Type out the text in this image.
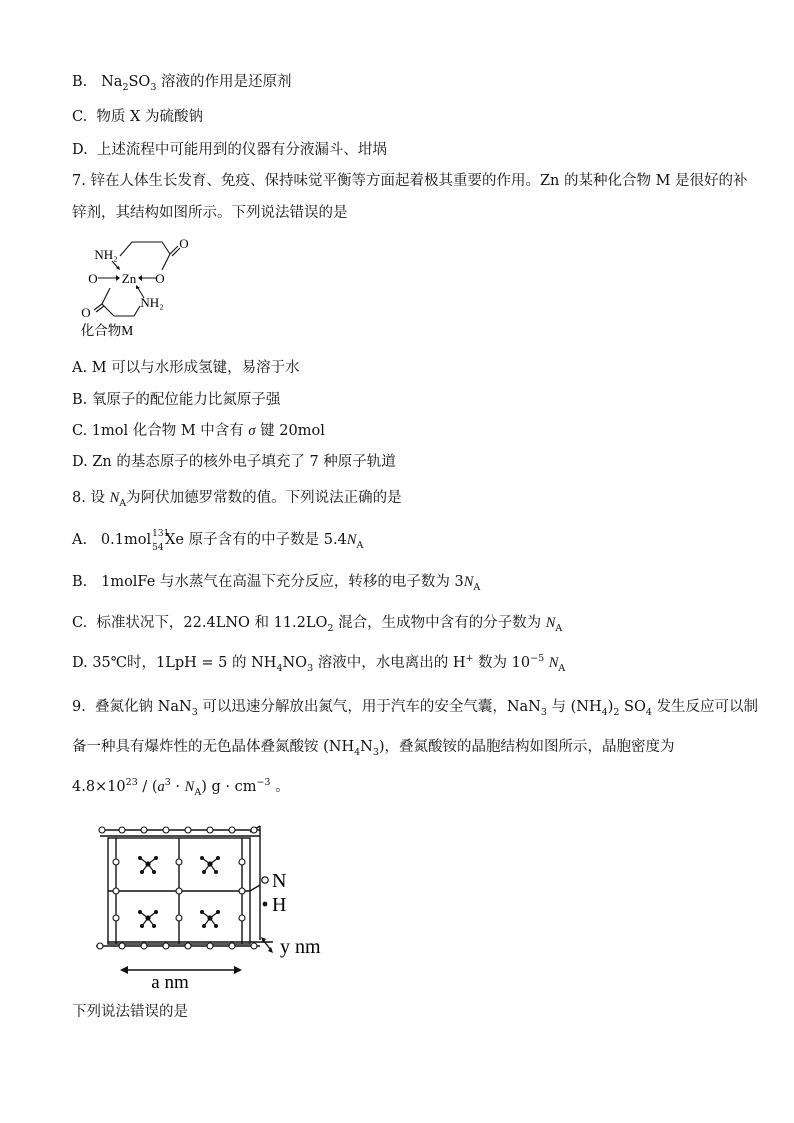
B.   $Na_2SO_3$ 溶液的作用是还原剂
C.  物质 X 为硫酸钠
D.  上述流程中可能用到的仪器有分液漏斗、坩埚
7. 锌在人体生长发育、免疫、保持味觉平衡等方面起着极其重要的作用。Zn 的某种化合物 M 是很好的补
锌剂，其结构如图所示。下列说法错误的是
NH₂
O
O Zn O
O
NH₂
化合物M
A. M 可以与水形成氢键，易溶于水
B. 氧原子的配位能力比氮原子强
C. 1mol 化合物 M 中含有 σ 键 20mol
D. Zn 的基态原子的核外电子填充了 7 种原子轨道
8. 设 $N_A$为阿伏加德罗常数的值。下列说法正确的是
A.   0.1mol 131
54 Xe 原子含有的中子数是 $5.4N_A$
B.   1molFe 与水蒸气在高温下充分反应，转移的电子数为 $3N_A$
C.  标准状况下，22.4LNO 和 $11.2LO_2$ 混合，生成物中含有的分子数为 $N_A$
D. 35℃时，1LpH = 5 的 $NH_4NO_3$ 溶液中，水电离出的 H+ 数为 $10^{-5}$ $N_A$
9.  叠氮化钠 NaN$_3$ 可以迅速分解放出氮气，用于汽车的安全气囊，NaN$_3$ 与 $(NH_4)_2$ $SO_4$ 发生反应可以制
备一种具有爆炸性的无色晶体叠氮酸铵 $(NH_4N_3)$，叠氮酸铵的晶胞结构如图所示，晶胞密度为
$4.8\times 10^{23} / (a^3 \cdot N_A) g \cdot cm^{-3}$ 。
N
H
y nm
a nm
下列说法错误的是
